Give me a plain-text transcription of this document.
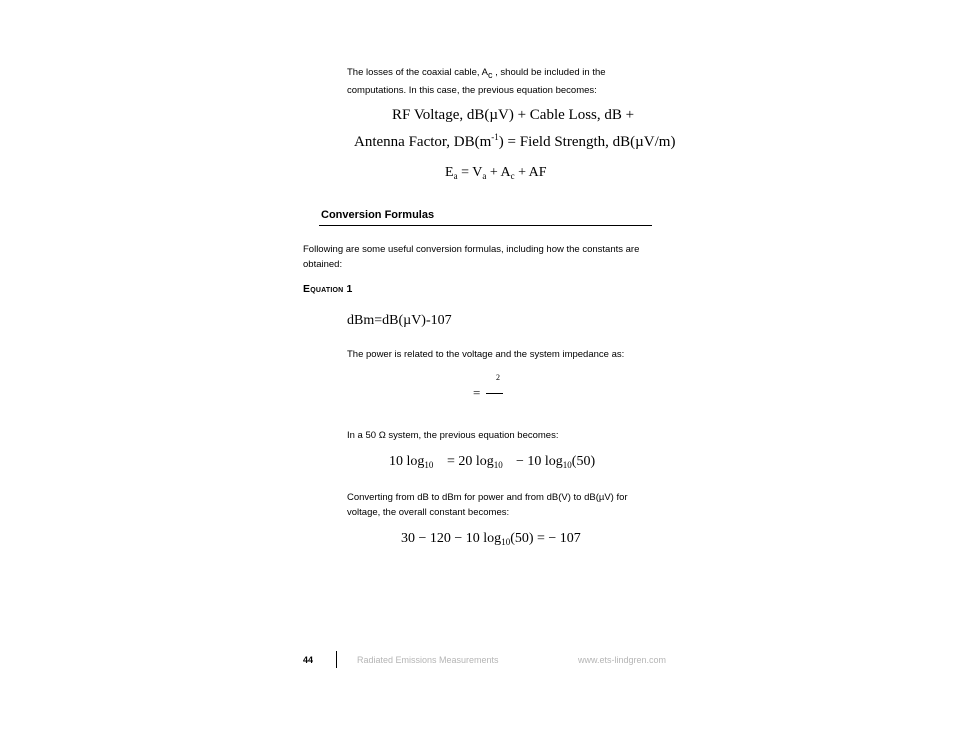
The losses of the coaxial cable, Ac , should be included in the
computations. In this case, the previous equation becomes:
RF Voltage, dB(µV) + Cable Loss, dB +
Antenna Factor, $DB(m^{-1})$ = Field Strength, dB(µV/m)
$E_a = V_a + A_c$ + AF
Conversion Formulas
Following are some useful conversion formulas, including how the constants are
obtained:
Equation 1
dBm=dB(µV)-107
The power is related to the voltage and the system impedance as:
2
=
In a 50 Ω system, the previous equation becomes:
10 $\log_{10} = 20$ $\log_{10} - 10$ $\log_{10}(50)$
Converting from dB to dBm for power and from dB(V) to dB(µV) for
voltage, the overall constant becomes:
30 − 120 − 10 $\log_{10}(50)$ = − 107
44	Radiated Emissions Measurements	www.ets-lindgren.com
